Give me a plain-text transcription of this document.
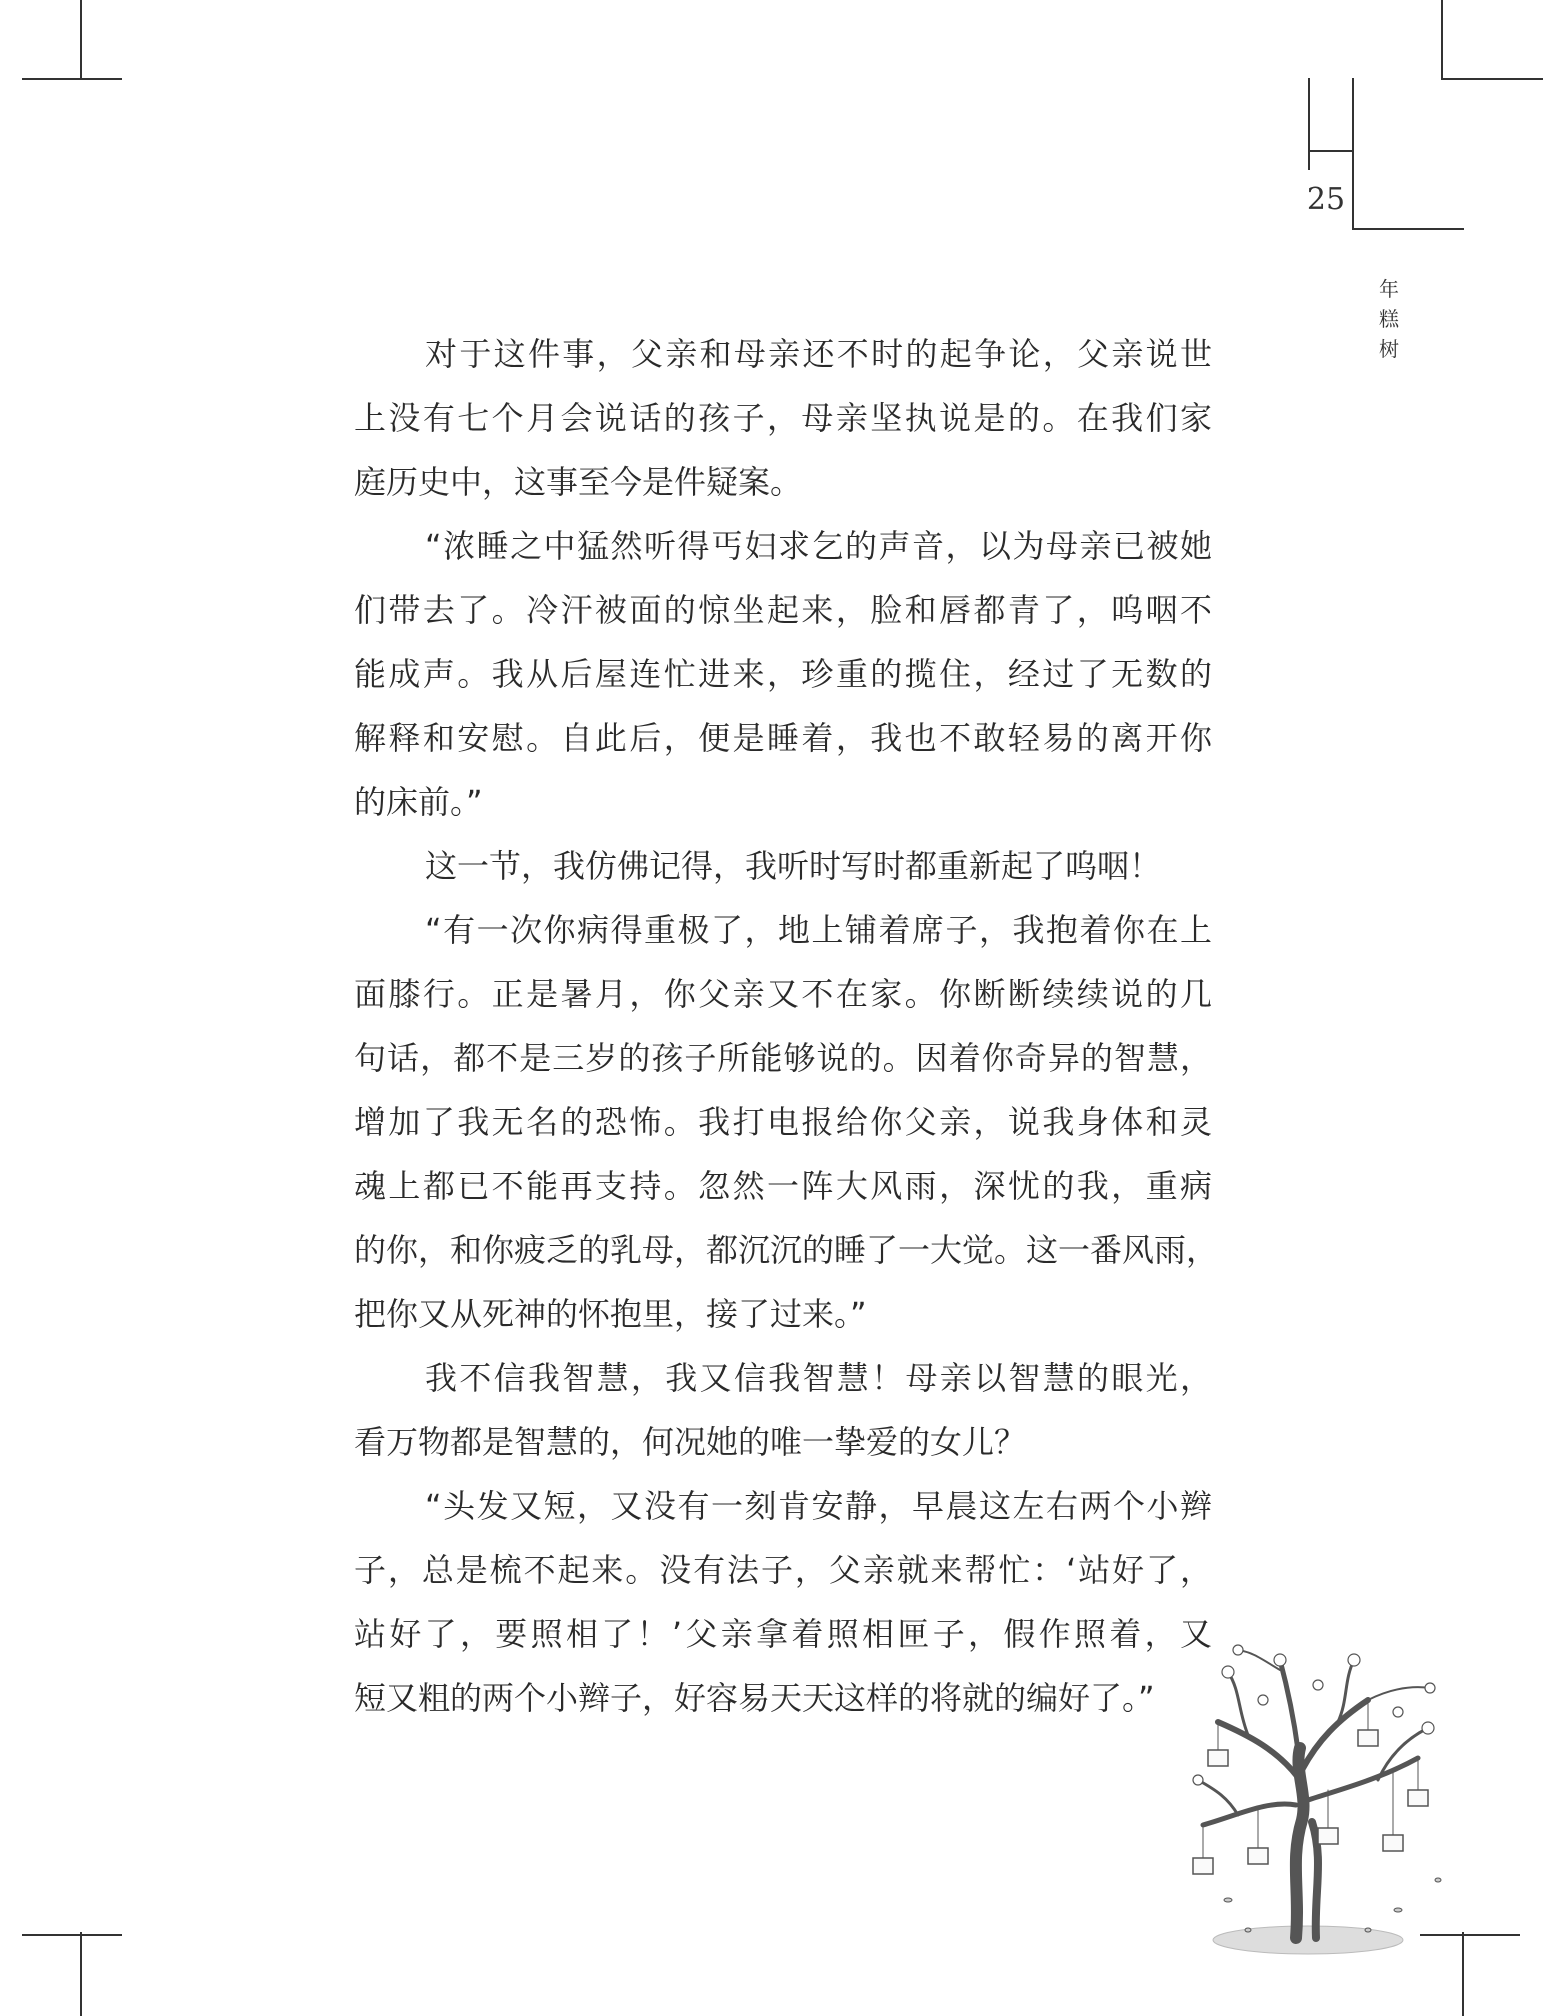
25
年
糕
树
对于这件事，父亲和母亲还不时的起争论，父亲说世
上没有七个月会说话的孩子，母亲坚执说是的。在我们家
庭历史中，这事至今是件疑案。
“浓睡之中猛然听得丐妇求乞的声音，以为母亲已被她
们带去了。冷汗被面的惊坐起来，脸和唇都青了，呜咽不
能成声。我从后屋连忙进来，珍重的揽住，经过了无数的
解释和安慰。自此后，便是睡着，我也不敢轻易的离开你
的床前。”
这一节，我仿佛记得，我听时写时都重新起了呜咽！
“有一次你病得重极了，地上铺着席子，我抱着你在上
面膝行。正是暑月，你父亲又不在家。你断断续续说的几
句话，都不是三岁的孩子所能够说的。因着你奇异的智慧，
增加了我无名的恐怖。我打电报给你父亲，说我身体和灵
魂上都已不能再支持。忽然一阵大风雨，深忧的我，重病
的你，和你疲乏的乳母，都沉沉的睡了一大觉。这一番风雨，
把你又从死神的怀抱里，接了过来。”
我不信我智慧，我又信我智慧！母亲以智慧的眼光，
看万物都是智慧的，何况她的唯一挚爱的女儿？
“头发又短，又没有一刻肯安静，早晨这左右两个小辫
子，总是梳不起来。没有法子，父亲就来帮忙：‘站好了，
站好了，要照相了！’父亲拿着照相匣子，假作照着，又
短又粗的两个小辫子，好容易天天这样的将就的编好了。”
